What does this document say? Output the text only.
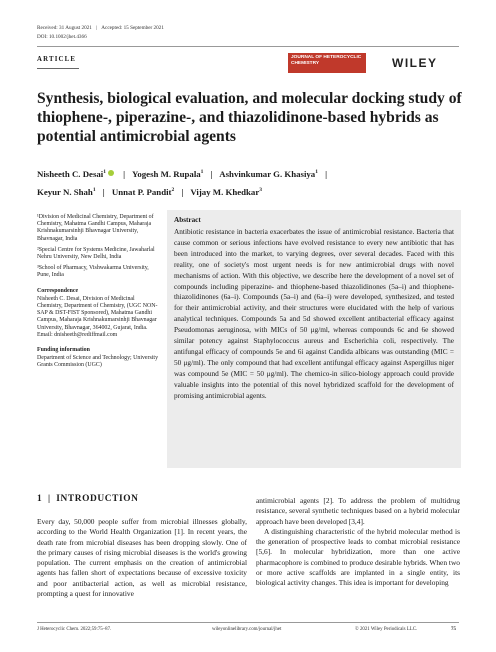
Received: 31 August 2021 | Accepted: 15 September 2021
DOI: 10.1002/jhet.4366
ARTICLE	JOURNAL OF HETEROCYCLIC CHEMISTRY	WILEY
Synthesis, biological evaluation, and molecular docking study of thiophene-, piperazine-, and thiazolidinone-based hybrids as potential antimicrobial agents
Nisheeth C. Desai$^1$ | Yogesh M. Rupala$^1$ | Ashvinkumar G. Khasiya$^1$ |
Keyur N. Shah$^1$ | Unnat P. Pandit$^2$ | Vijay M. Khedkar$^3$

¹Division of Medicinal Chemistry, Department of Chemistry, Mahatma Gandhi Campus, Maharaja Krishnakumarsinhji Bhavnagar University, Bhavnagar, India

²Special Centre for Systems Medicine, Jawaharlal Nehru University, New Delhi, India

³School of Pharmacy, Vishwakarma University, Pune, India

Correspondence

Nisheeth C. Desai, Division of Medicinal Chemistry, Department of Chemistry, (UGC NON-SAP & DST-FIST Sponsored), Mahatma Gandhi Campus, Maharaja Krishnakumarsinhji Bhavnagar University, Bhavnagar, 364002, Gujarat, India.

Email: dnisheeth@rediffmail.com

Funding information

Department of Science and Technology; University Grants Commission (UGC)

Abstract
Antibiotic resistance in bacteria exacerbates the issue of antimicrobial resistance. Bacteria that cause common or serious infections have evolved resistance to every new antibiotic that has been introduced into the market, to varying degrees, over several decades. Faced with this reality, one of society's most urgent needs is for new antimicrobial drugs with novel mechanisms of action. With this objective, we describe here the development of a novel set of compounds including piperazine- and thiophene-based thiazolidinones (5a–i) and thiophene-thiazolidinones (6a–i). Compounds (5a–i) and (6a–i) were developed, synthesized, and tested for their antimicrobial activity, and their structures were elucidated with the help of various analytical techniques. Compounds 5a and 5d showed excellent antibacterial efficacy against Pseudomonas aeruginosa, with MICs of 50 μg/ml, whereas compounds 6c and 6e showed similar potency against Staphylococcus aureus and Escherichia coli, respectively. The antifungal efficacy of compounds 5e and 6i against Candida albicans was outstanding (MIC = 50 μg/ml). The only compound that had excellent antifungal efficacy against Aspergillus niger was compound 5e (MIC = 50 μg/ml). The chemico-in silico-biology approach could provide valuable insights into the potential of this novel hybridized scaffold for the development of promising antimicrobial agents.
1 | INTRODUCTION

Every day, 50,000 people suffer from microbial illnesses globally, according to the World Health Organization [1]. In recent years, the death rate from microbial diseases has been dropping slowly. One of the primary causes of rising microbial diseases is the world's growing population. The current emphasis on the creation of antimicrobial agents has fallen short of expectations because of excessive toxicity and poor antibacterial action, as well as microbial resistance, prompting a quest for innovative

antimicrobial agents [2]. To address the problem of multidrug resistance, several synthetic techniques based on a hybrid molecular approach have been developed [3,4].

A distinguishing characteristic of the hybrid molecular method is the generation of prospective leads to combat microbial resistance [5,6]. In molecular hybridization, more than one active pharmacophore is combined to produce desirable hybrids. When two or more active scaffolds are implanted in a single entity, its biological activity changes. This idea is important for developing

J Heterocyclic Chem. 2022;59:75–87.	wileyonlinelibrary.com/journal/jhet	© 2021 Wiley Periodicals LLC.	75
